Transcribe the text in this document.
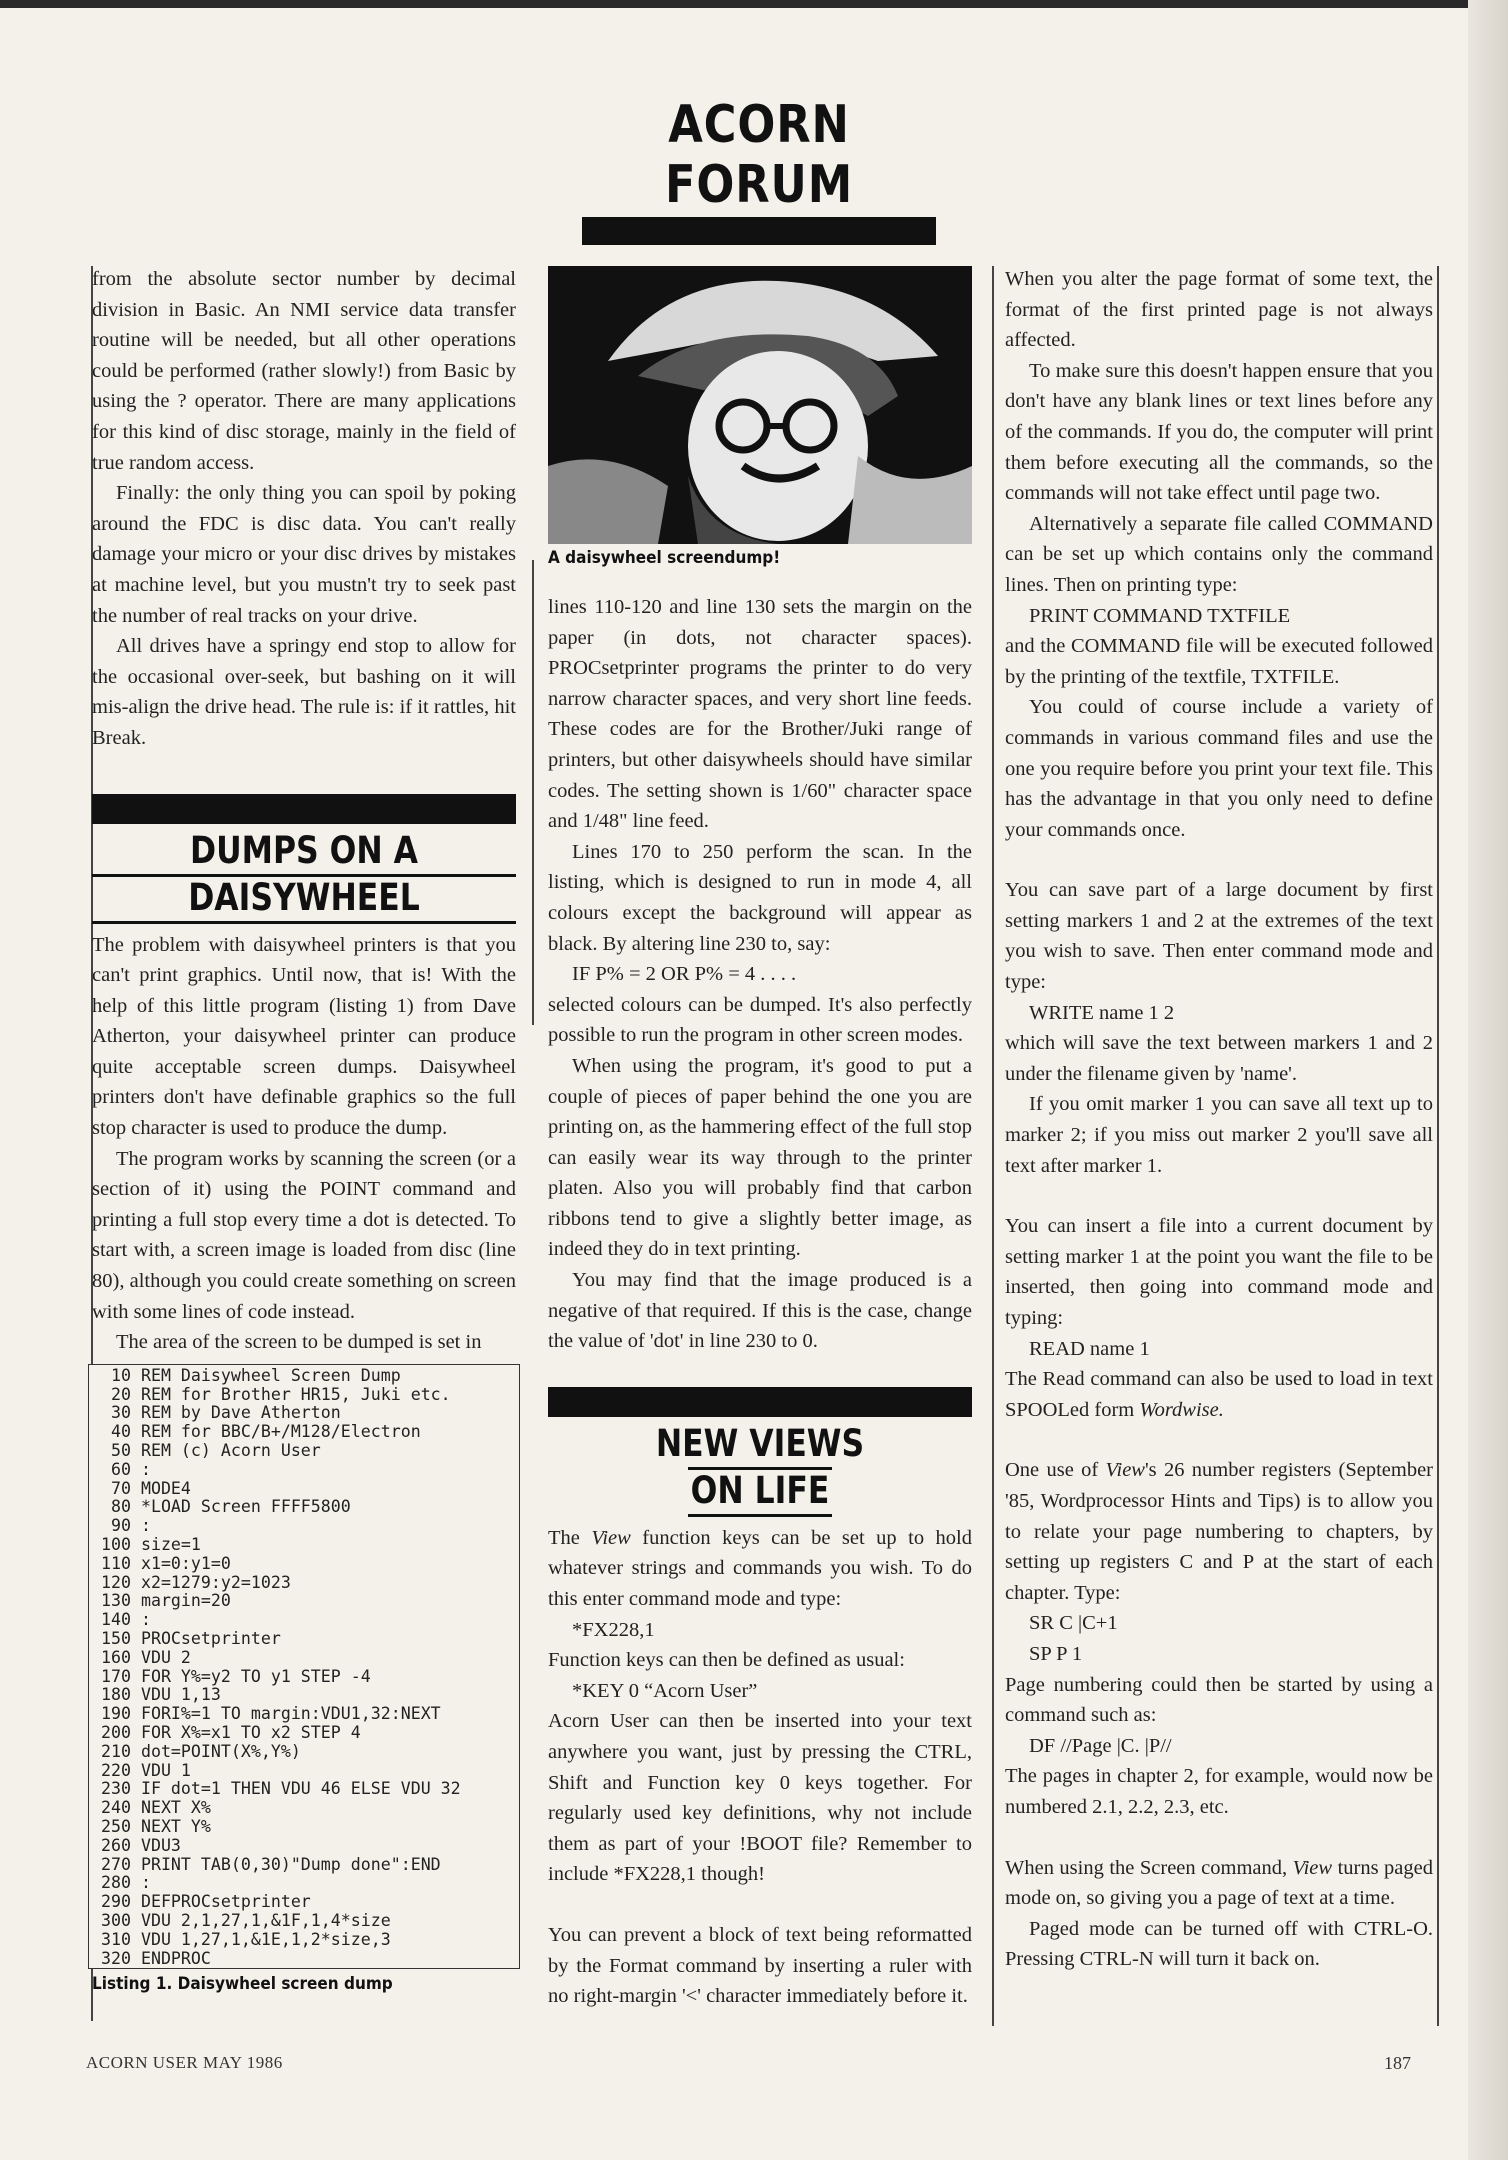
ACORN FORUM

from the absolute sector number by decimal division in Basic. An NMI service data transfer routine will be needed, but all other operations could be performed (rather slowly!) from Basic by using the ? operator. There are many applications for this kind of disc storage, mainly in the field of true random access.

Finally: the only thing you can spoil by poking around the FDC is disc data. You can't really damage your micro or your disc drives by mistakes at machine level, but you mustn't try to seek past the number of real tracks on your drive.

All drives have a springy end stop to allow for the occasional over-seek, but bashing on it will mis-align the drive head. The rule is: if it rattles, hit Break.

DUMPS ON A
DAISYWHEEL

The problem with daisywheel printers is that you can't print graphics. Until now, that is! With the help of this little program (listing 1) from Dave Atherton, your daisywheel printer can produce quite acceptable screen dumps. Daisywheel printers don't have definable graphics so the full stop character is used to produce the dump.

The program works by scanning the screen (or a section of it) using the POINT command and printing a full stop every time a dot is detected. To start with, a screen image is loaded from disc (line 80), although you could create something on screen with some lines of code instead.

The area of the screen to be dumped is set in

10 REM Daisywheel Screen Dump
20 REM for Brother HR15, Juki etc.
30 REM by Dave Atherton
40 REM for BBC/B+/M128/Electron
50 REM (c) Acorn User
60 :
70 MODE4
80 *LOAD Screen FFFF5800
90 :
100 size=1
110 x1=0:y1=0
120 x2=1279:y2=1023
130 margin=20
140 :
150 PROCsetprinter
160 VDU 2
170 FOR Y%=y2 TO y1 STEP -4
180 VDU 1,13
190 FORI%=1 TO margin:VDU1,32:NEXT
200 FOR X%=x1 TO x2 STEP 4
210 dot=POINT(X%,Y%)
220 VDU 1
230 IF dot=1 THEN VDU 46 ELSE VDU 32
240 NEXT X%
250 NEXT Y%
260 VDU3
270 PRINT TAB(0,30)"Dump done":END
280 :
290 DEFPROCsetprinter
300 VDU 2,1,27,1,&1F,1,4*size
310 VDU 1,27,1,&1E,1,2*size,3
320 ENDPROC
Listing 1. Daisywheel screen dump
A daisywheel screendump!

lines 110-120 and line 130 sets the margin on the paper (in dots, not character spaces). PROCsetprinter programs the printer to do very narrow character spaces, and very short line feeds. These codes are for the Brother/Juki range of printers, but other daisywheels should have similar codes. The setting shown is 1/60" character space and 1/48" line feed.

Lines 170 to 250 perform the scan. In the listing, which is designed to run in mode 4, all colours except the background will appear as black. By altering line 230 to, say:

IF P% = 2 OR P% = 4 . . . .

selected colours can be dumped. It's also perfectly possible to run the program in other screen modes.

When using the program, it's good to put a couple of pieces of paper behind the one you are printing on, as the hammering effect of the full stop can easily wear its way through to the printer platen. Also you will probably find that carbon ribbons tend to give a slightly better image, as indeed they do in text printing.

You may find that the image produced is a negative of that required. If this is the case, change the value of 'dot' in line 230 to 0.

NEW VIEWS
ON LIFE

The View function keys can be set up to hold whatever strings and commands you wish. To do this enter command mode and type:

*FX228,1

Function keys can then be defined as usual:

*KEY 0 “Acorn User”

Acorn User can then be inserted into your text anywhere you want, just by pressing the CTRL, Shift and Function key 0 keys together. For regularly used key definitions, why not include them as part of your !BOOT file? Remember to include *FX228,1 though!

You can prevent a block of text being reformatted by the Format command by inserting a ruler with no right-margin '<' character immediately before it.

When you alter the page format of some text, the format of the first printed page is not always affected.

To make sure this doesn't happen ensure that you don't have any blank lines or text lines before any of the commands. If you do, the computer will print them before executing all the commands, so the commands will not take effect until page two.

Alternatively a separate file called COMMAND can be set up which contains only the command lines. Then on printing type:

PRINT COMMAND TXTFILE

and the COMMAND file will be executed followed by the printing of the textfile, TXTFILE.

You could of course include a variety of commands in various command files and use the one you require before you print your text file. This has the advantage in that you only need to define your commands once.

You can save part of a large document by first setting markers 1 and 2 at the extremes of the text you wish to save. Then enter command mode and type:

WRITE name 1 2

which will save the text between markers 1 and 2 under the filename given by 'name'.

If you omit marker 1 you can save all text up to marker 2; if you miss out marker 2 you'll save all text after marker 1.

You can insert a file into a current document by setting marker 1 at the point you want the file to be inserted, then going into command mode and typing:

READ name 1

The Read command can also be used to load in text SPOOLed form Wordwise.

One use of View's 26 number registers (September '85, Wordprocessor Hints and Tips) is to allow you to relate your page numbering to chapters, by setting up registers C and P at the start of each chapter. Type:

SR C |C+1

SP P 1

Page numbering could then be started by using a command such as:

DF //Page |C. |P//

The pages in chapter 2, for example, would now be numbered 2.1, 2.2, 2.3, etc.

When using the Screen command, View turns paged mode on, so giving you a page of text at a time.

Paged mode can be turned off with CTRL-O. Pressing CTRL-N will turn it back on.

ACORN USER MAY 1986	187
